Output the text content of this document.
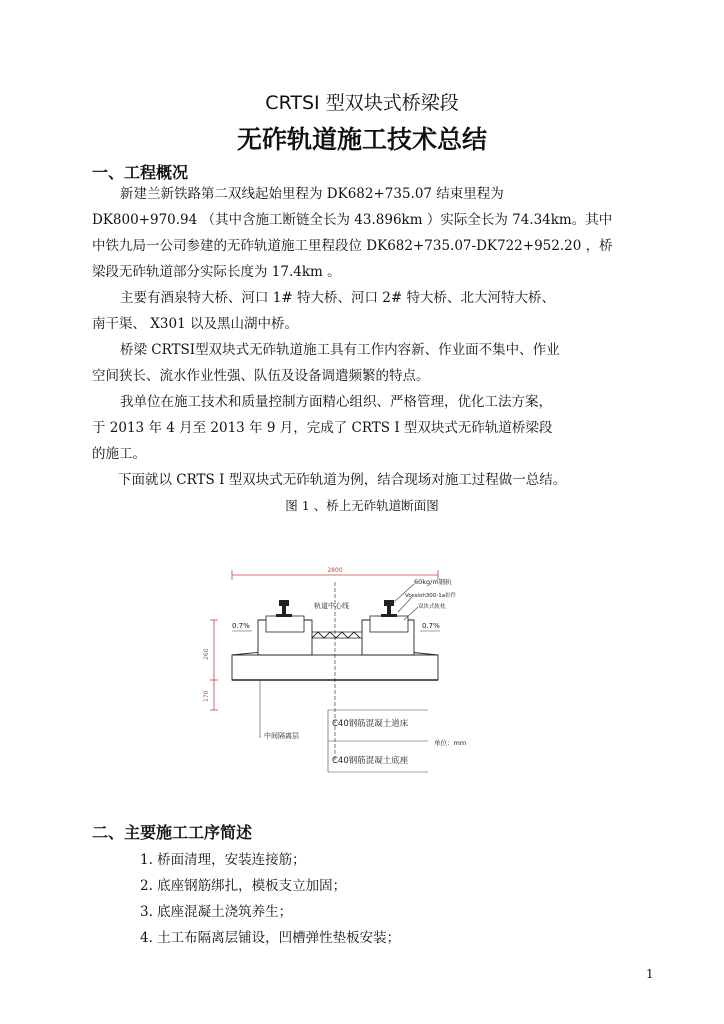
CRTSⅠ 型双块式桥梁段
无砟轨道施工技术总结
一、工程概况
新建兰新铁路第二双线起始里程为 DK682+735.07 结束里程为
DK800+970.94 （其中含施工断链全长为 43.896km ）实际全长为 74.34km。其中
中铁九局一公司参建的无砟轨道施工里程段位 DK682+735.07-DK722+952.20 ，桥
梁段无砟轨道部分实际长度为 17.4km 。
主要有酒泉特大桥、河口 1# 特大桥、河口 2# 特大桥、北大河特大桥、
南干渠、 X301 以及黑山湖中桥。
桥梁 CRTSⅠ型双块式无砟轨道施工具有工作内容新、作业面不集中、作业
空间狭长、流水作业性强、队伍及设备调遣频繁的特点。
我单位在施工技术和质量控制方面精心组织、严格管理，优化工法方案，
于 2013 年 4 月至 2013 年 9 月，完成了 CRTS Ⅰ 型双块式无砟轨道桥梁段
的施工。
下面就以 CRTS Ⅰ 型双块式无砟轨道为例，结合现场对施工过程做一总结。
图 1 、桥上无砟轨道断面图
2800
轨道中心线
60kg/m钢轨
Vossloh300-1a扣件
双块式轨枕
0.7%	0.7%
260
170
中间隔离层
C40钢筋混凝土道床
C40钢筋混凝土底座
单位：mm
二、主要施工工序简述
1. 桥面清理，安装连接筋；
2. 底座钢筋绑扎，模板支立加固；
3. 底座混凝土浇筑养生；
4. 土工布隔离层铺设，凹槽弹性垫板安装；
1
